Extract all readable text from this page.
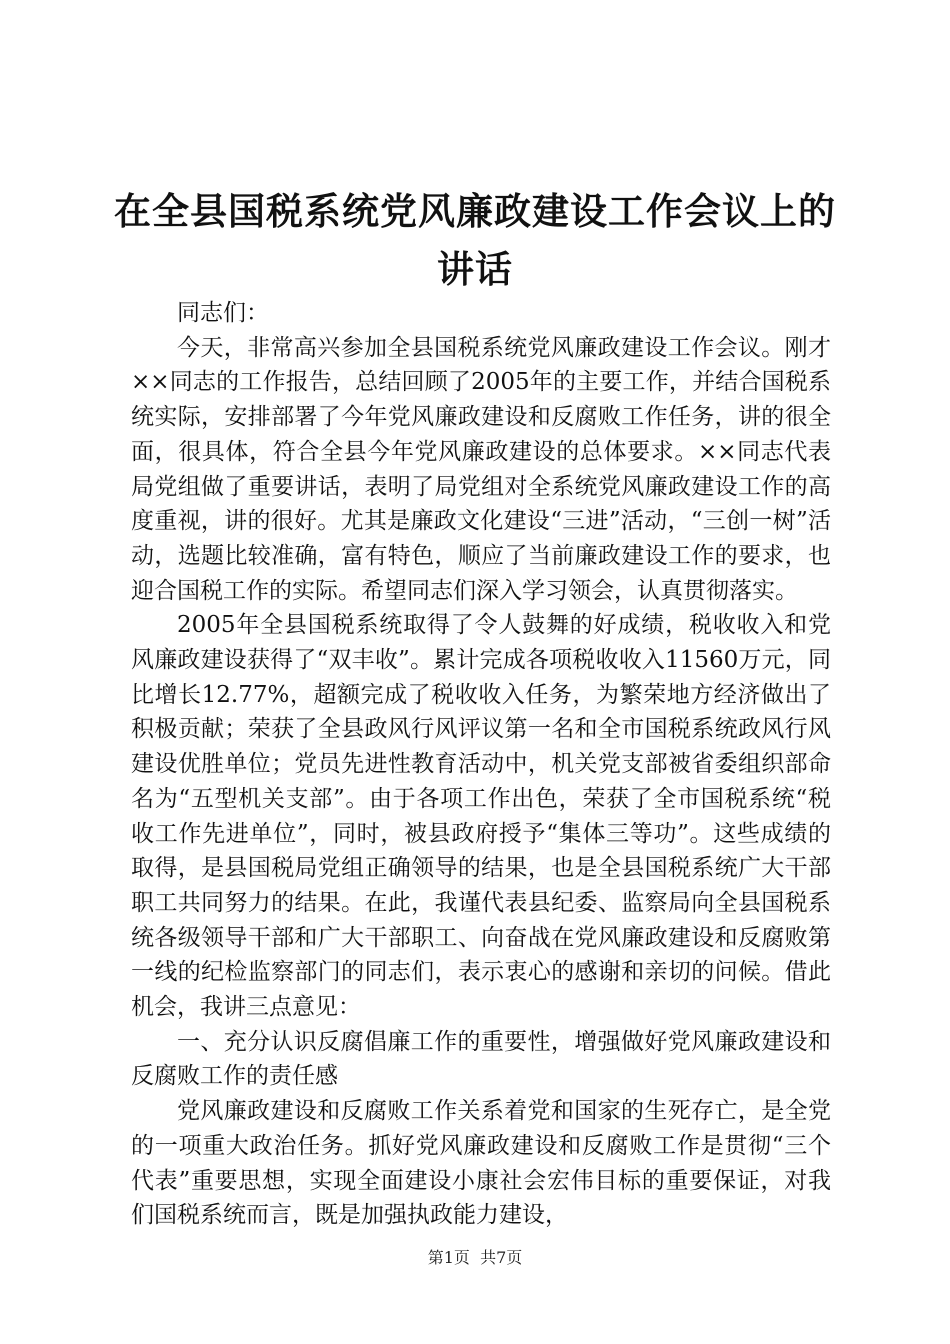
在全县国税系统党风廉政建设工作会议上的讲话

同志们：

今天，非常高兴参加全县国税系统党风廉政建设工作会议。刚才××同志的工作报告，总结回顾了2005年的主要工作，并结合国税系统实际，安排部署了今年党风廉政建设和反腐败工作任务，讲的很全面，很具体，符合全县今年党风廉政建设的总体要求。××同志代表局党组做了重要讲话，表明了局党组对全系统党风廉政建设工作的高度重视，讲的很好。尤其是廉政文化建设“三进”活动，“三创一树”活动，选题比较准确，富有特色，顺应了当前廉政建设工作的要求，也迎合国税工作的实际。希望同志们深入学习领会，认真贯彻落实。

2005年全县国税系统取得了令人鼓舞的好成绩，税收收入和党风廉政建设获得了“双丰收”。累计完成各项税收收入11560万元，同比增长12.77%，超额完成了税收收入任务，为繁荣地方经济做出了积极贡献；荣获了全县政风行风评议第一名和全市国税系统政风行风建设优胜单位；党员先进性教育活动中，机关党支部被省委组织部命名为“五型机关支部”。由于各项工作出色，荣获了全市国税系统“税收工作先进单位”，同时，被县政府授予“集体三等功”。这些成绩的取得，是县国税局党组正确领导的结果，也是全县国税系统广大干部职工共同努力的结果。在此，我谨代表县纪委、监察局向全县国税系统各级领导干部和广大干部职工、向奋战在党风廉政建设和反腐败第一线的纪检监察部门的同志们，表示衷心的感谢和亲切的问候。借此机会，我讲三点意见：

一、充分认识反腐倡廉工作的重要性，增强做好党风廉政建设和反腐败工作的责任感

党风廉政建设和反腐败工作关系着党和国家的生死存亡，是全党的一项重大政治任务。抓好党风廉政建设和反腐败工作是贯彻“三个代表”重要思想，实现全面建设小康社会宏伟目标的重要保证，对我们国税系统而言，既是加强执政能力建设，

第1页  共7页
